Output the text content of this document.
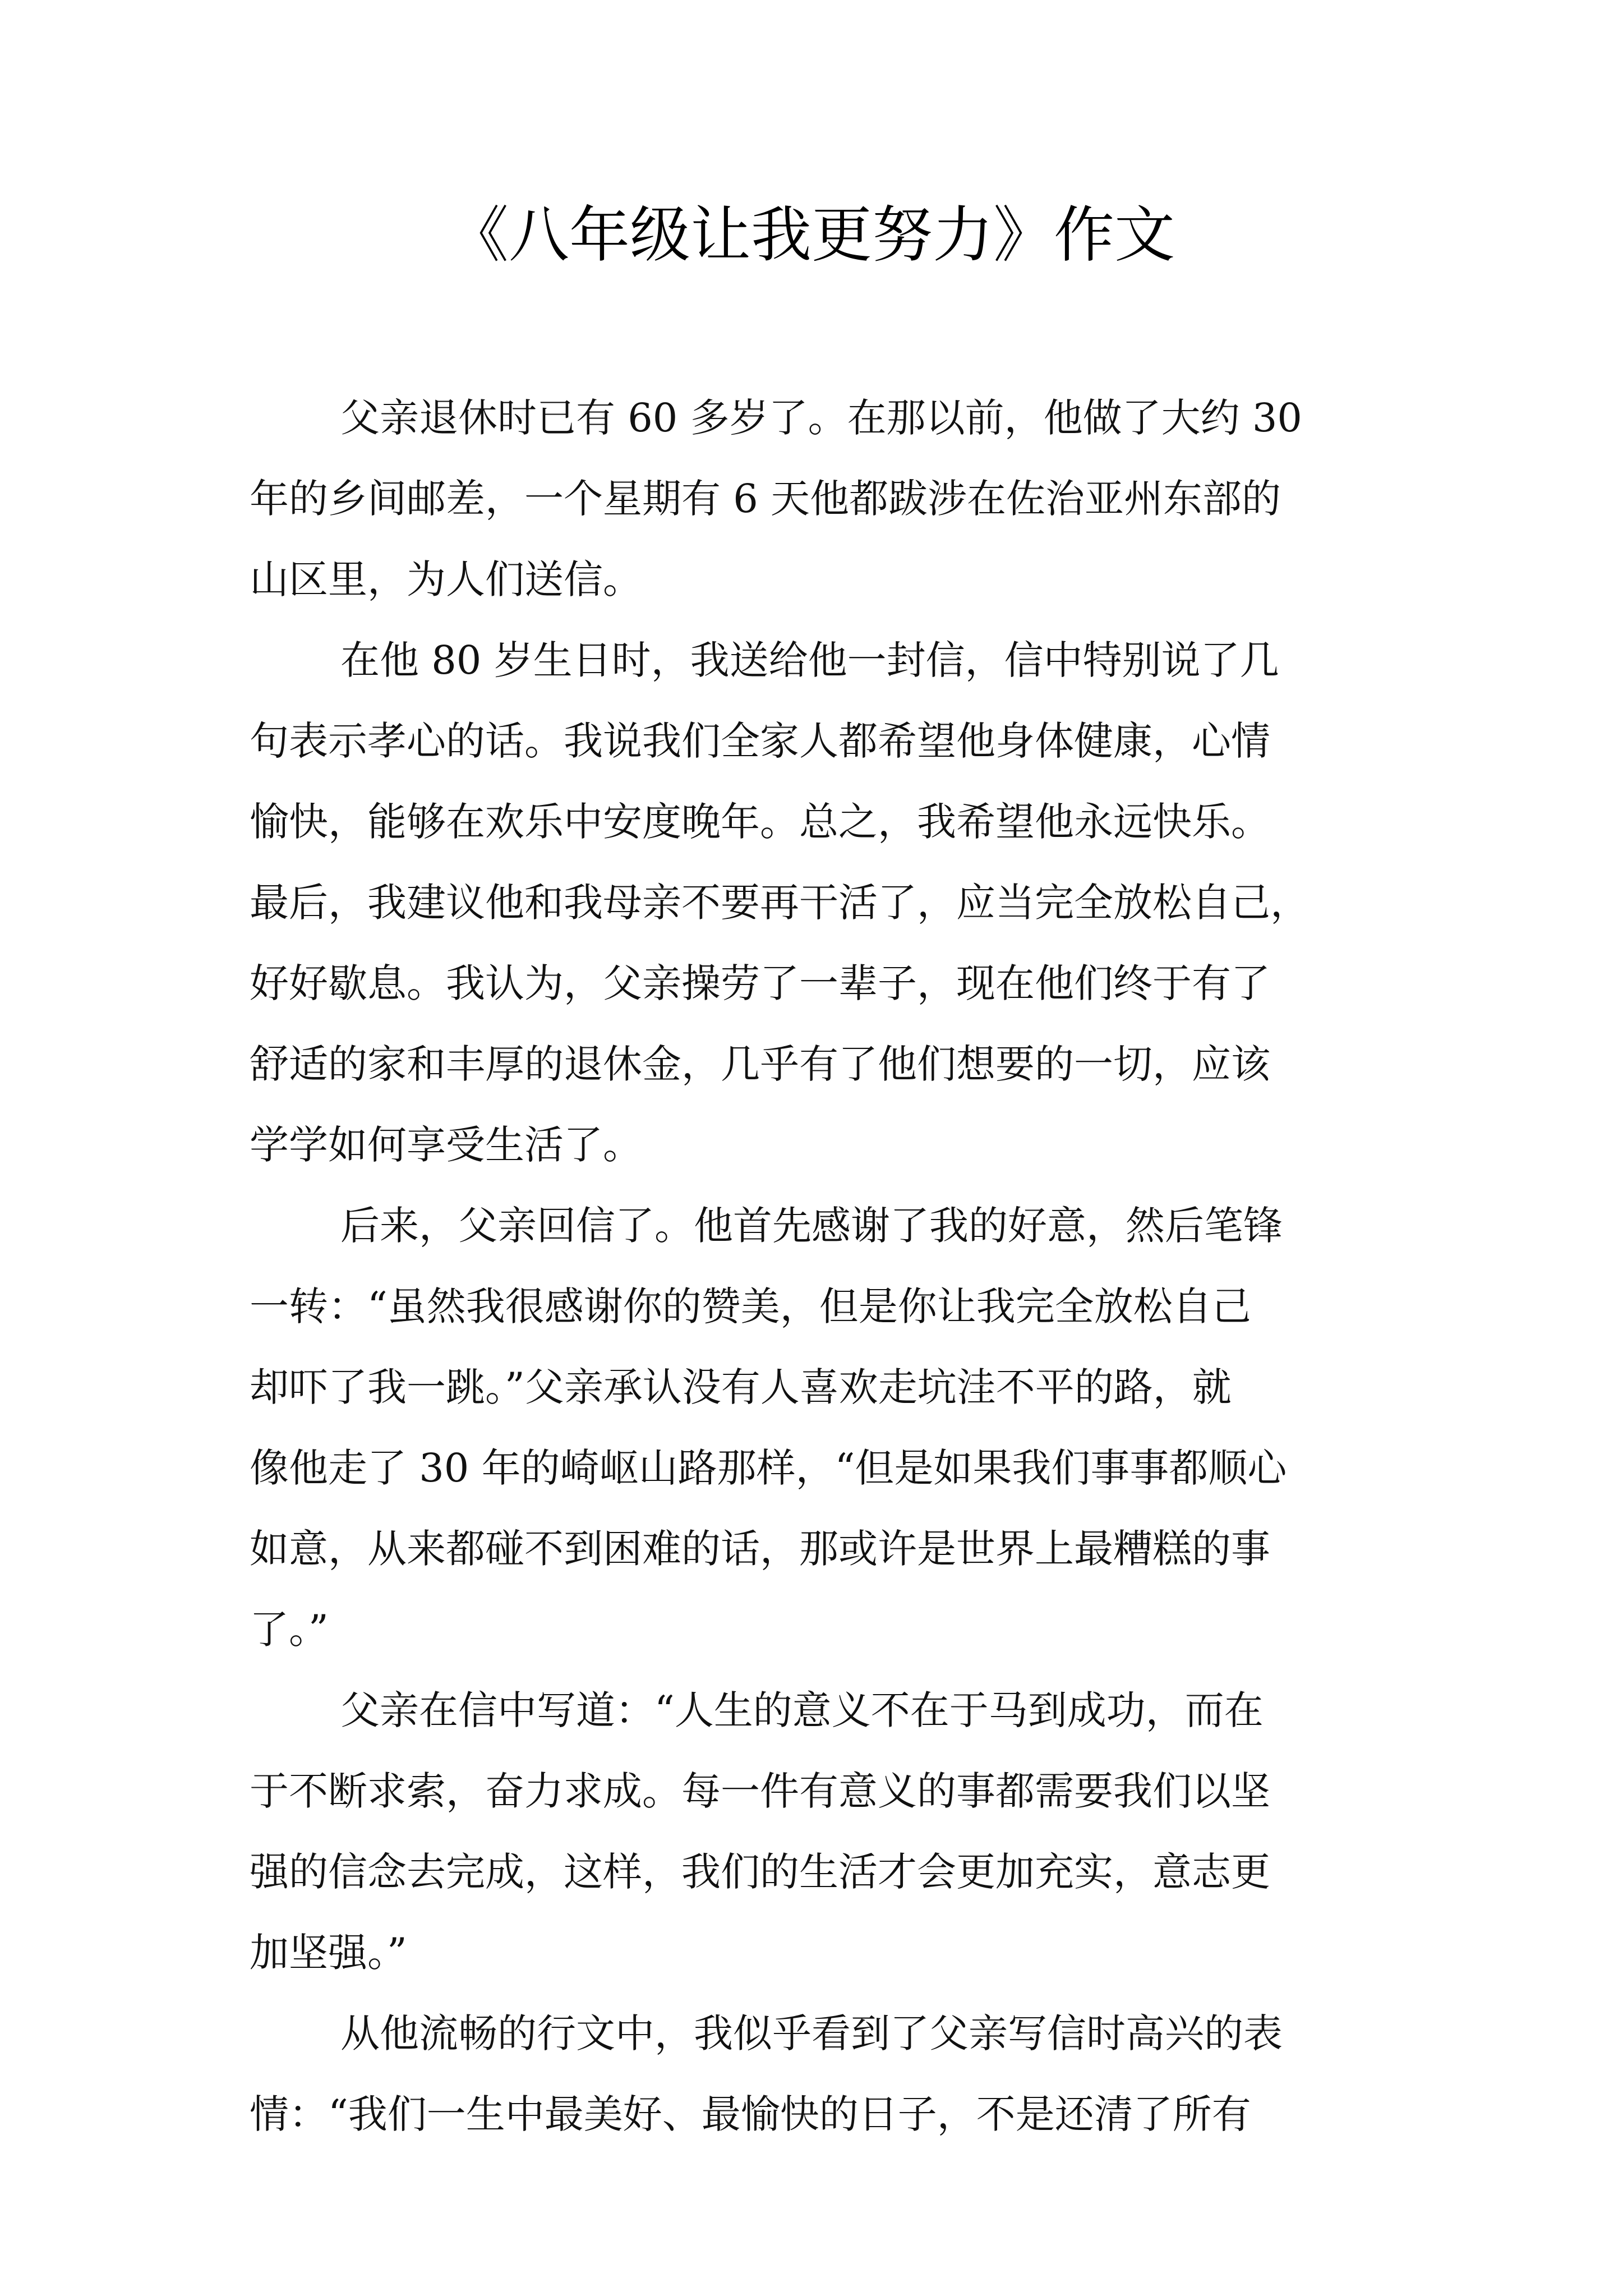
《八年级让我更努力》作文

父亲退休时已有 60 多岁了。在那以前，他做了大约 30
年的乡间邮差，一个星期有 6 天他都跋涉在佐治亚州东部的
山区里，为人们送信。

在他 80 岁生日时，我送给他一封信，信中特别说了几
句表示孝心的话。我说我们全家人都希望他身体健康，心情
愉快，能够在欢乐中安度晚年。总之，我希望他永远快乐。
最后，我建议他和我母亲不要再干活了，应当完全放松自己，
好好歇息。我认为，父亲操劳了一辈子，现在他们终于有了
舒适的家和丰厚的退休金，几乎有了他们想要的一切，应该
学学如何享受生活了。

后来，父亲回信了。他首先感谢了我的好意，然后笔锋
一转：“虽然我很感谢你的赞美，但是你让我完全放松自己
却吓了我一跳。”父亲承认没有人喜欢走坑洼不平的路，就
像他走了 30 年的崎岖山路那样，“但是如果我们事事都顺心
如意，从来都碰不到困难的话，那或许是世界上最糟糕的事
了。”

父亲在信中写道：“人生的意义不在于马到成功，而在
于不断求索，奋力求成。每一件有意义的事都需要我们以坚
强的信念去完成，这样，我们的生活才会更加充实，意志更
加坚强。”

从他流畅的行文中，我似乎看到了父亲写信时高兴的表
情：“我们一生中最美好、最愉快的日子，不是还清了所有
